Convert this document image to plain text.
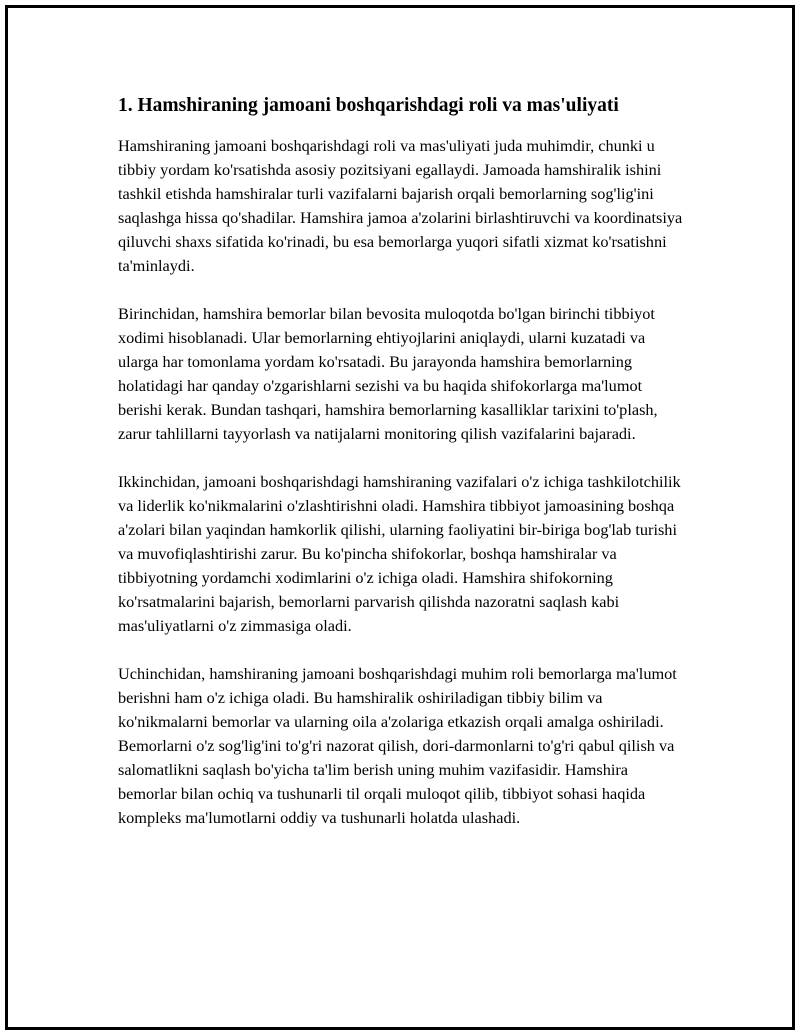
1. Hamshiraning jamoani boshqarishdagi roli va mas'uliyati

Hamshiraning jamoani boshqarishdagi roli va mas'uliyati juda muhimdir, chunki u tibbiy yordam ko'rsatishda asosiy pozitsiyani egallaydi. Jamoada hamshiralik ishini tashkil etishda hamshiralar turli vazifalarni bajarish orqali bemorlarning sog'lig'ini saqlashga hissa qo'shadilar. Hamshira jamoa a'zolarini birlashtiruvchi va koordinatsiya qiluvchi shaxs sifatida ko'rinadi, bu esa bemorlarga yuqori sifatli xizmat ko'rsatishni ta'minlaydi.

Birinchidan, hamshira bemorlar bilan bevosita muloqotda bo'lgan birinchi tibbiyot xodimi hisoblanadi. Ular bemorlarning ehtiyojlarini aniqlaydi, ularni kuzatadi va ularga har tomonlama yordam ko'rsatadi. Bu jarayonda hamshira bemorlarning holatidagi har qanday o'zgarishlarni sezishi va bu haqida shifokorlarga ma'lumot berishi kerak. Bundan tashqari, hamshira bemorlarning kasalliklar tarixini to'plash, zarur tahlillarni tayyorlash va natijalarni monitoring qilish vazifalarini bajaradi.

Ikkinchidan, jamoani boshqarishdagi hamshiraning vazifalari o'z ichiga tashkilotchilik va liderlik ko'nikmalarini o'zlashtirishni oladi. Hamshira tibbiyot jamoasining boshqa a'zolari bilan yaqindan hamkorlik qilishi, ularning faoliyatini bir-biriga bog'lab turishi va muvofiqlashtirishi zarur. Bu ko'pincha shifokorlar, boshqa hamshiralar va tibbiyotning yordamchi xodimlarini o'z ichiga oladi. Hamshira shifokorning ko'rsatmalarini bajarish, bemorlarni parvarish qilishda nazoratni saqlash kabi mas'uliyatlarni o'z zimmasiga oladi.

Uchinchidan, hamshiraning jamoani boshqarishdagi muhim roli bemorlarga ma'lumot berishni ham o'z ichiga oladi. Bu hamshiralik oshiriladigan tibbiy bilim va ko'nikmalarni bemorlar va ularning oila a'zolariga etkazish orqali amalga oshiriladi. Bemorlarni o'z sog'lig'ini to'g'ri nazorat qilish, dori-darmonlarni to'g'ri qabul qilish va salomatlikni saqlash bo'yicha ta'lim berish uning muhim vazifasidir. Hamshira bemorlar bilan ochiq va tushunarli til orqali muloqot qilib, tibbiyot sohasi haqida kompleks ma'lumotlarni oddiy va tushunarli holatda ulashadi.
